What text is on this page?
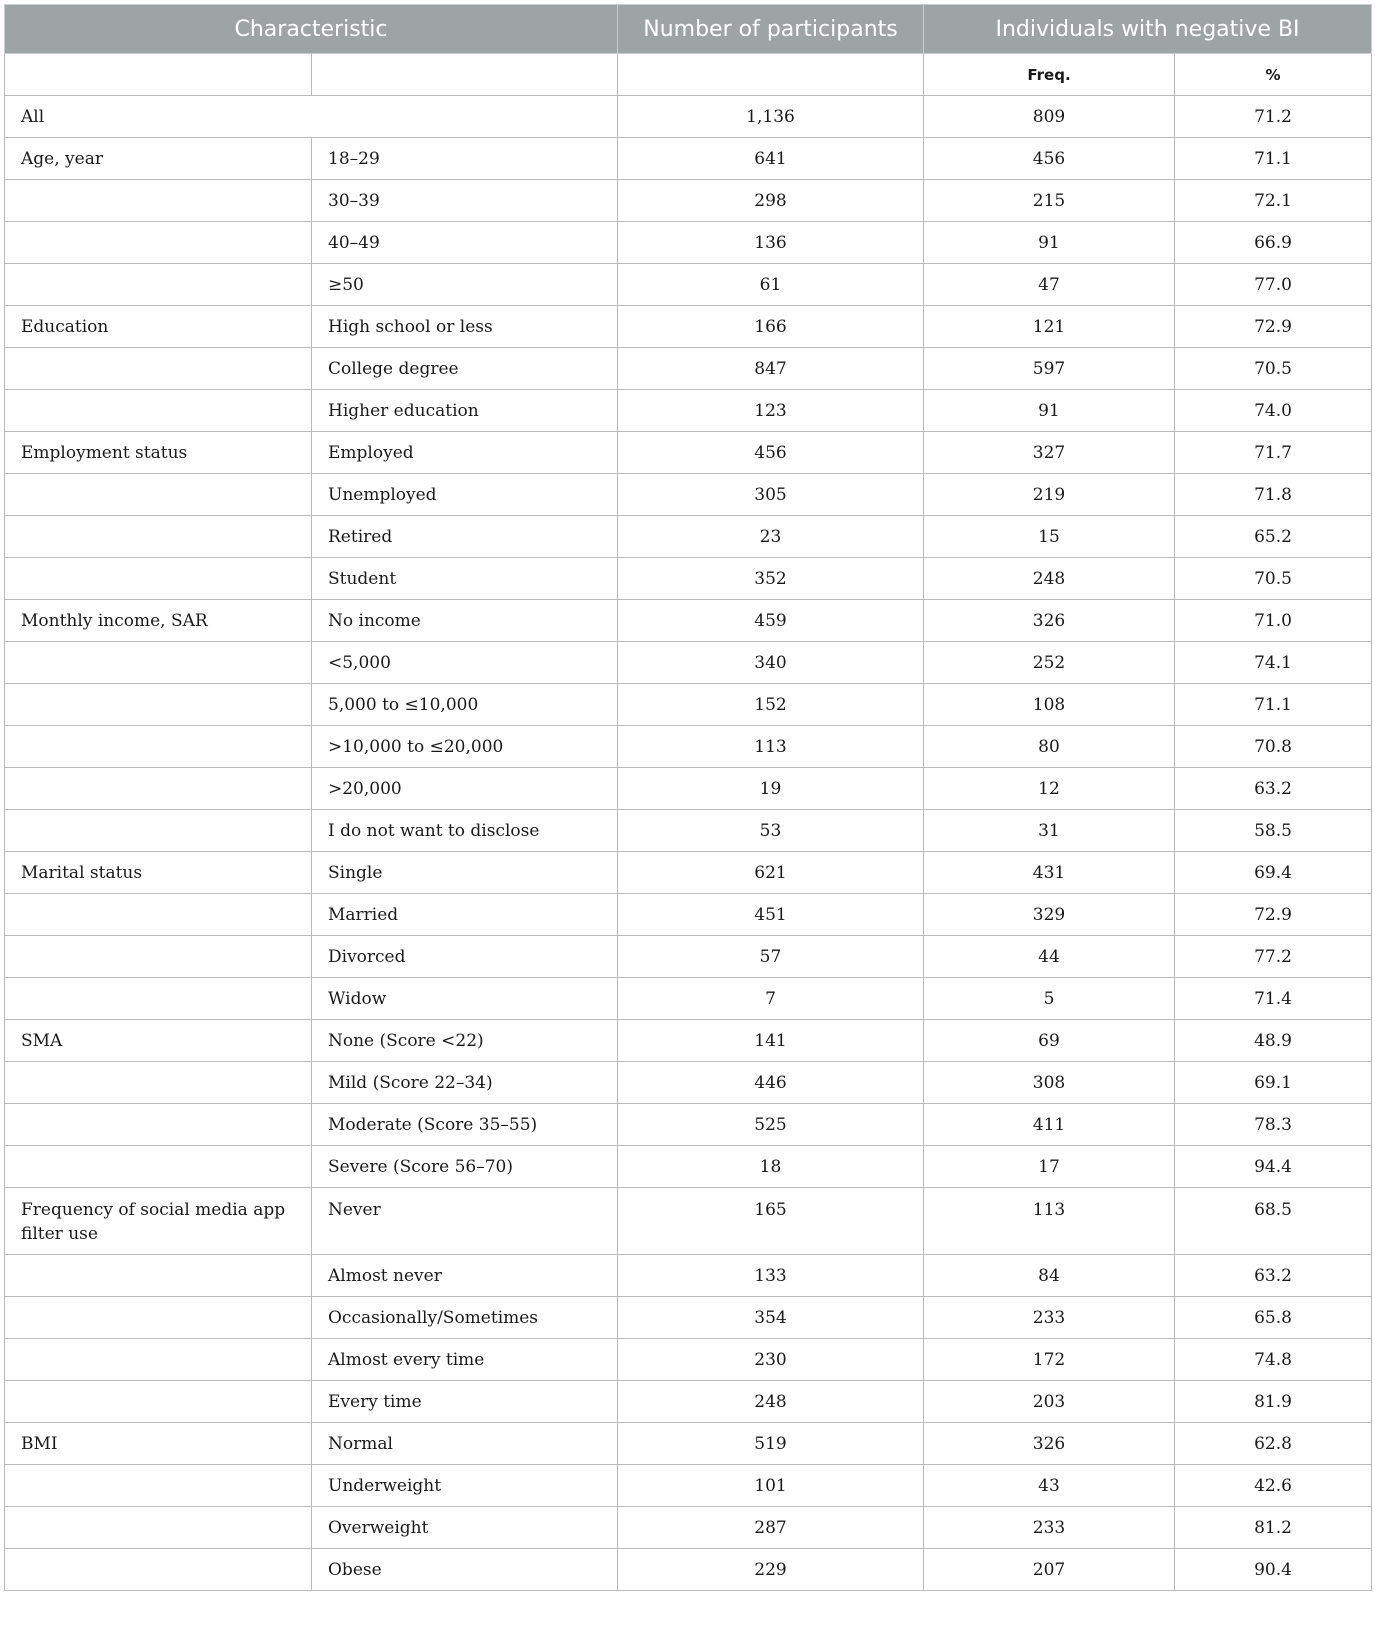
Characteristic		Number of participants	Individuals with negative BI	
			Freq.	%
All		1,136	809	71.2
Age, year	18–29	641	456	71.1
	30–39	298	215	72.1
	40–49	136	91	66.9
	≥50	61	47	77.0
Education	High school or less	166	121	72.9
	College degree	847	597	70.5
	Higher education	123	91	74.0
Employment status	Employed	456	327	71.7
	Unemployed	305	219	71.8
	Retired	23	15	65.2
	Student	352	248	70.5
Monthly income, SAR	No income	459	326	71.0
	<5,000	340	252	74.1
	5,000 to ≤10,000	152	108	71.1
	>10,000 to ≤20,000	113	80	70.8
	>20,000	19	12	63.2
	I do not want to disclose	53	31	58.5
Marital status	Single	621	431	69.4
	Married	451	329	72.9
	Divorced	57	44	77.2
	Widow	7	5	71.4
SMA	None (Score <22)	141	69	48.9
	Mild (Score 22–34)	446	308	69.1
	Moderate (Score 35–55)	525	411	78.3
	Severe (Score 56–70)	18	17	94.4
Frequency of social media app filter use	Never	165	113	68.5
	Almost never	133	84	63.2
	Occasionally/Sometimes	354	233	65.8
	Almost every time	230	172	74.8
	Every time	248	203	81.9
BMI	Normal	519	326	62.8
	Underweight	101	43	42.6
	Overweight	287	233	81.2
	Obese	229	207	90.4
